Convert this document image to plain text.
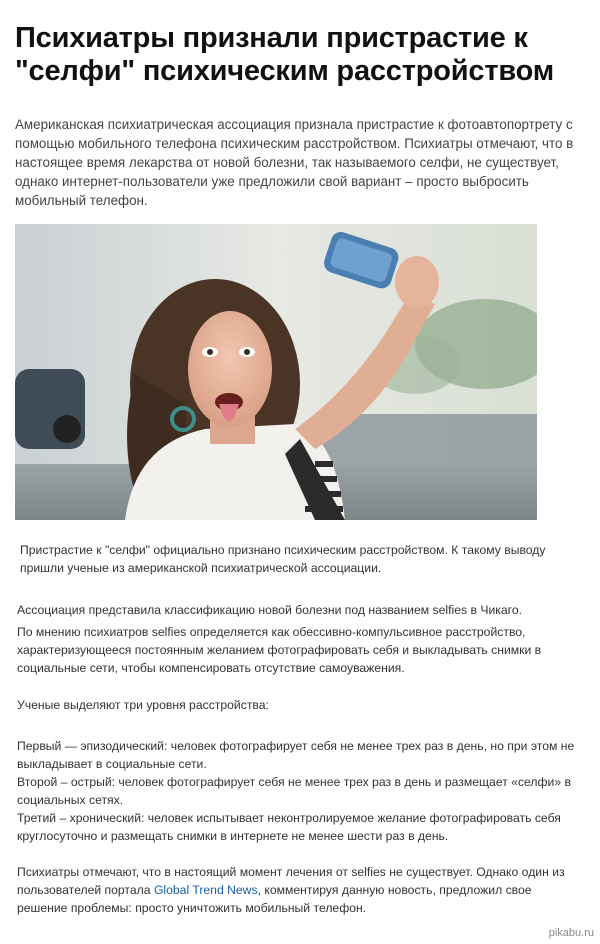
Психиатры признали пристрастие к "селфи" психическим расстройством
Американская психиатрическая ассоциация признала пристрастие к фотоавтопортрету с помощью мобильного телефона психическим расстройством. Психиатры отмечают, что в настоящее время лекарства от новой болезни, так называемого селфи, не существует, однако интернет-пользователи уже предложили свой вариант – просто выбросить мобильный телефон.
Пристрастие к "селфи" официально признано психическим расстройством. К такому выводу пришли ученые из американской психиатрической ассоциации.
Ассоциация представила классификацию новой болезни под названием selfies в Чикаго.
По мнению психиатров selfies определяется как обессивно-компульсивное расстройство, характеризующееся постоянным желанием фотографировать себя и выкладывать снимки в социальные сети, чтобы компенсировать отсутствие самоуважения.
Ученые выделяют три уровня расстройства:
Первый — эпизодический: человек фотографирует себя не менее трех раз в день, но при этом не выкладывает в социальные сети.
Второй – острый: человек фотографирует себя не менее трех раз в день и размещает «селфи» в социальных сетях.
Третий – хронический: человек испытывает неконтролируемое желание фотографировать себя круглосуточно и размещать снимки в интернете не менее шести раз в день.
Психиатры отмечают, что в настоящий момент лечения от selfies не существует. Однако один из пользователей портала Global Trend News, комментируя данную новость, предложил свое решение проблемы: просто уничтожить мобильный телефон.
pikabu.ru
